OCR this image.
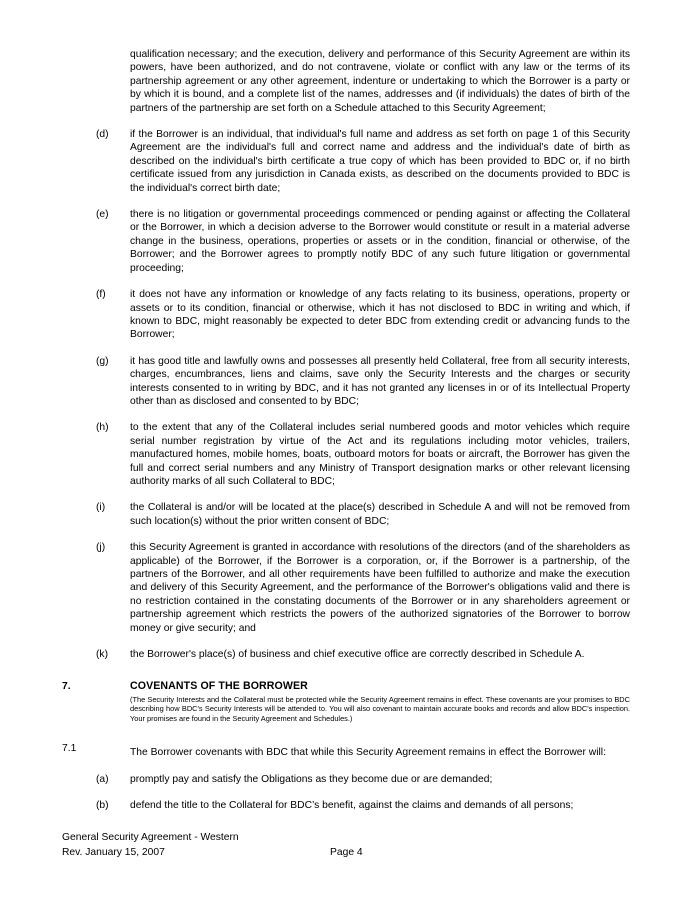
qualification necessary; and the execution, delivery and performance of this Security Agreement are within its powers, have been authorized, and do not contravene, violate or conflict with any law or the terms of its partnership agreement or any other agreement, indenture or undertaking to which the Borrower is a party or by which it is bound, and a complete list of the names, addresses and (if individuals) the dates of birth of the partners of the partnership are set forth on a Schedule attached to this Security Agreement;

(d)	if the Borrower is an individual, that individual's full name and address as set forth on page 1 of this Security Agreement are the individual's full and correct name and address and the individual's date of birth as described on the individual's birth certificate a true copy of which has been provided to BDC or, if no birth certificate issued from any jurisdiction in Canada exists, as described on the documents provided to BDC is the individual's correct birth date;
(e)	there is no litigation or governmental proceedings commenced or pending against or affecting the Collateral or the Borrower, in which a decision adverse to the Borrower would constitute or result in a material adverse change in the business, operations, properties or assets or in the condition, financial or otherwise, of the Borrower; and the Borrower agrees to promptly notify BDC of any such future litigation or governmental proceeding;
(f)	it does not have any information or knowledge of any facts relating to its business, operations, property or assets or to its condition, financial or otherwise, which it has not disclosed to BDC in writing and which, if known to BDC, might reasonably be expected to deter BDC from extending credit or advancing funds to the Borrower;
(g)	it has good title and lawfully owns and possesses all presently held Collateral, free from all security interests, charges, encumbrances, liens and claims, save only the Security Interests and the charges or security interests consented to in writing by BDC, and it has not granted any licenses in or of its Intellectual Property other than as disclosed and consented to by BDC;
(h)	to the extent that any of the Collateral includes serial numbered goods and motor vehicles which require serial number registration by virtue of the Act and its regulations including motor vehicles, trailers, manufactured homes, mobile homes, boats, outboard motors for boats or aircraft, the Borrower has given the full and correct serial numbers and any Ministry of Transport designation marks or other relevant licensing authority marks of all such Collateral to BDC;
(i)	the Collateral is and/or will be located at the place(s) described in Schedule A and will not be removed from such location(s) without the prior written consent of BDC;
(j)	this Security Agreement is granted in accordance with resolutions of the directors (and of the shareholders as applicable) of the Borrower, if the Borrower is a corporation, or, if the Borrower is a partnership, of the partners of the Borrower, and all other requirements have been fulfilled to authorize and make the execution and delivery of this Security Agreement, and the performance of the Borrower's obligations valid and there is no restriction contained in the constating documents of the Borrower or in any shareholders agreement or partnership agreement which restricts the powers of the authorized signatories of the Borrower to borrow money or give security; and
(k)	the Borrower's place(s) of business and chief executive office are correctly described in Schedule A.
7.	COVENANTS OF THE BORROWER
(The Security Interests and the Collateral must be protected while the Security Agreement remains in effect. These covenants are your promises to BDC describing how BDC's Security Interests will be attended to. You will also covenant to maintain accurate books and records and allow BDC's inspection. Your promises are found in the Security Agreement and Schedules.)
7.1	The Borrower covenants with BDC that while this Security Agreement remains in effect the Borrower will:
(a)	promptly pay and satisfy the Obligations as they become due or are demanded;
(b)	defend the title to the Collateral for BDC’s benefit, against the claims and demands of all persons;
General Security Agreement - Western
Rev. January 15, 2007	Page 4
